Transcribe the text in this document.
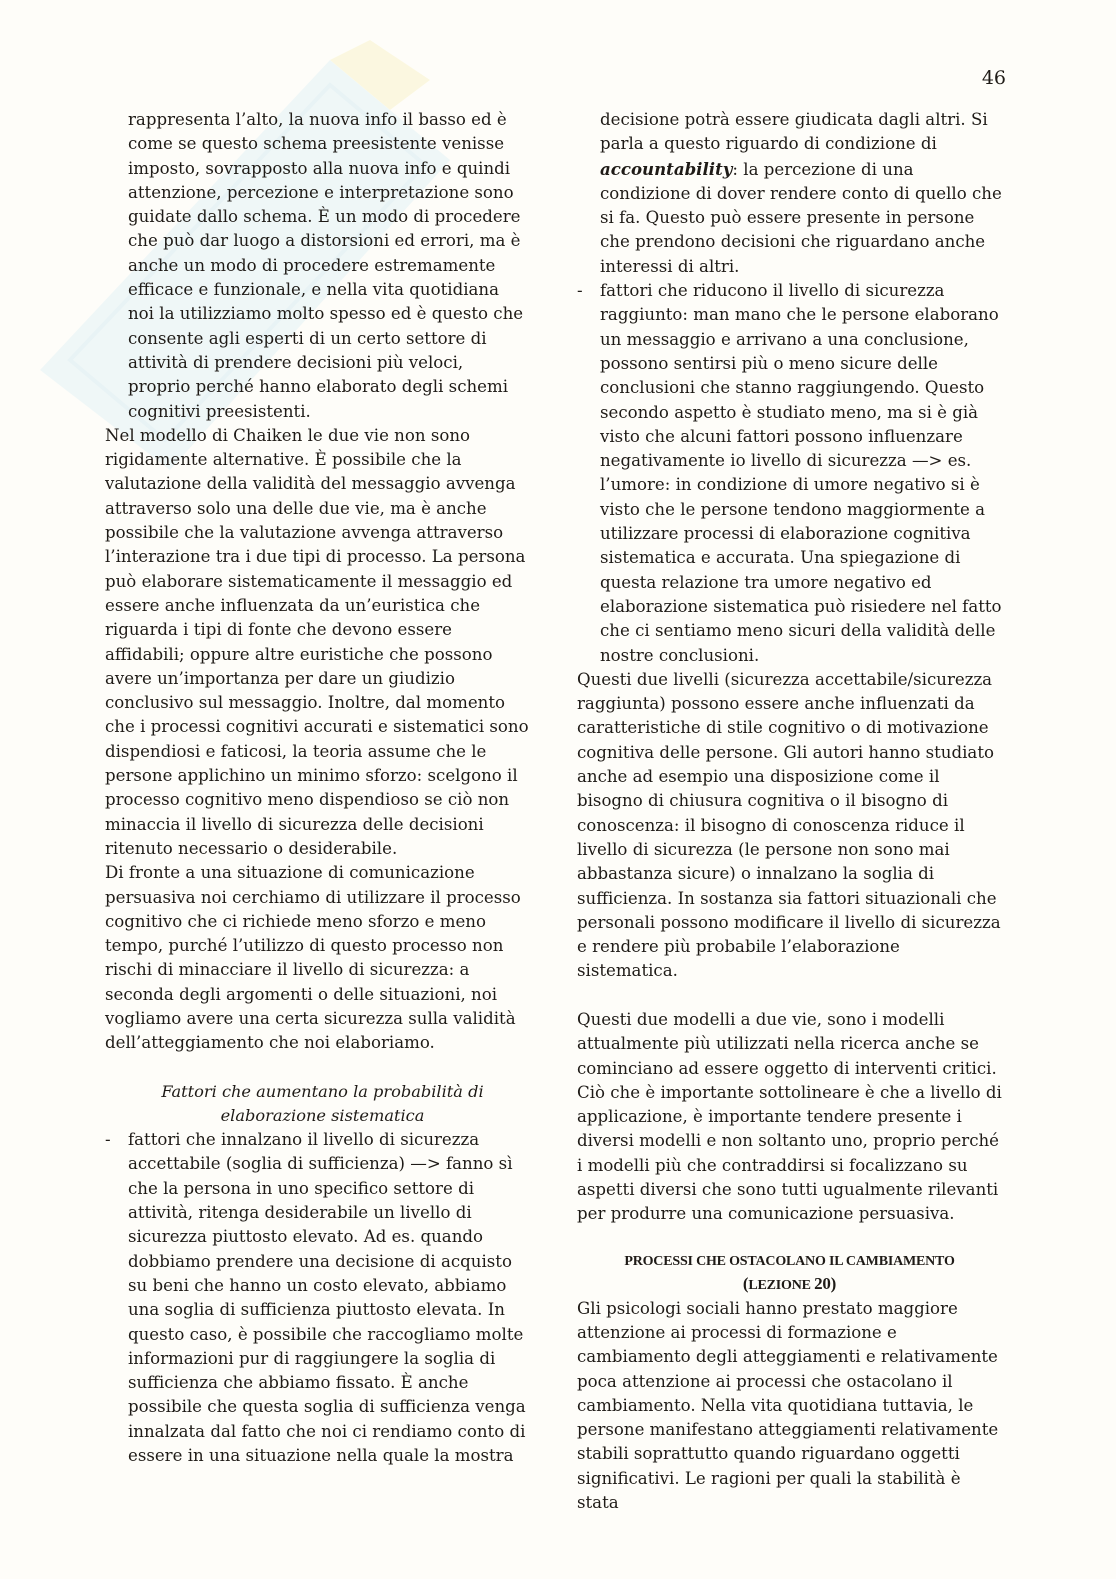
46

rappresenta l’alto, la nuova info il basso ed è come se questo schema preesistente venisse imposto, sovrapposto alla nuova info e quindi attenzione, percezione e interpretazione sono guidate dallo schema. È un modo di procedere che può dar luogo a distorsioni ed errori, ma è anche un modo di procedere estremamente efficace e funzionale, e nella vita quotidiana noi la utilizziamo molto spesso ed è questo che consente agli esperti di un certo settore di attività di prendere decisioni più veloci, proprio perché hanno elaborato degli schemi cognitivi preesistenti.

Nel modello di Chaiken le due vie non sono rigidamente alternative. È possibile che la valutazione della validità del messaggio avvenga attraverso solo una delle due vie, ma è anche possibile che la valutazione avvenga attraverso l’interazione tra i due tipi di processo. La persona può elaborare sistematicamente il messaggio ed essere anche influenzata da un’euristica che riguarda i tipi di fonte che devono essere affidabili; oppure altre euristiche che possono avere un’importanza per dare un giudizio conclusivo sul messaggio. Inoltre, dal momento che i processi cognitivi accurati e sistematici sono dispendiosi e faticosi, la teoria assume che le persone applichino un minimo sforzo: scelgono il processo cognitivo meno dispendioso se ciò non minaccia il livello di sicurezza delle decisioni ritenuto necessario o desiderabile.

Di fronte a una situazione di comunicazione persuasiva noi cerchiamo di utilizzare il processo cognitivo che ci richiede meno sforzo e meno tempo, purché l’utilizzo di questo processo non rischi di minacciare il livello di sicurezza: a seconda degli argomenti o delle situazioni, noi vogliamo avere una certa sicurezza sulla validità dell’atteggiamento che noi elaboriamo.

Fattori che aumentano la probabilità di elaborazione sistematica

- fattori che innalzano il livello di sicurezza accettabile (soglia di sufficienza) —> fanno sì che la persona in uno specifico settore di attività, ritenga desiderabile un livello di sicurezza piuttosto elevato. Ad es. quando dobbiamo prendere una decisione di acquisto su beni che hanno un costo elevato, abbiamo una soglia di sufficienza piuttosto elevata. In questo caso, è possibile che raccogliamo molte informazioni pur di raggiungere la soglia di sufficienza che abbiamo fissato. È anche possibile che questa soglia di sufficienza venga innalzata dal fatto che noi ci rendiamo conto di essere in una situazione nella quale la mostra

decisione potrà essere giudicata dagli altri. Si parla a questo riguardo di condizione di accountability: la percezione di una condizione di dover rendere conto di quello che si fa. Questo può essere presente in persone che prendono decisioni che riguardano anche interessi di altri.

- fattori che riducono il livello di sicurezza raggiunto: man mano che le persone elaborano un messaggio e arrivano a una conclusione, possono sentirsi più o meno sicure delle conclusioni che stanno raggiungendo. Questo secondo aspetto è studiato meno, ma si è già visto che alcuni fattori possono influenzare negativamente io livello di sicurezza —> es. l’umore: in condizione di umore negativo si è visto che le persone tendono maggiormente a utilizzare processi di elaborazione cognitiva sistematica e accurata. Una spiegazione di questa relazione tra umore negativo ed elaborazione sistematica può risiedere nel fatto che ci sentiamo meno sicuri della validità delle nostre conclusioni.

Questi due livelli (sicurezza accettabile/sicurezza raggiunta) possono essere anche influenzati da caratteristiche di stile cognitivo o di motivazione cognitiva delle persone. Gli autori hanno studiato anche ad esempio una disposizione come il bisogno di chiusura cognitiva o il bisogno di conoscenza: il bisogno di conoscenza riduce il livello di sicurezza (le persone non sono mai abbastanza sicure) o innalzano la soglia di sufficienza. In sostanza sia fattori situazionali che personali possono modificare il livello di sicurezza e rendere più probabile l’elaborazione sistematica.

Questi due modelli a due vie, sono i modelli attualmente più utilizzati nella ricerca anche se cominciano ad essere oggetto di interventi critici. Ciò che è importante sottolineare è che a livello di applicazione, è importante tendere presente i diversi modelli e non soltanto uno, proprio perché i modelli più che contraddirsi si focalizzano su aspetti diversi che sono tutti ugualmente rilevanti per produrre una comunicazione persuasiva.

PROCESSI CHE OSTACOLANO IL CAMBIAMENTO
(LEZIONE 20)

Gli psicologi sociali hanno prestato maggiore attenzione ai processi di formazione e cambiamento degli atteggiamenti e relativamente poca attenzione ai processi che ostacolano il cambiamento. Nella vita quotidiana tuttavia, le persone manifestano atteggiamenti relativamente stabili soprattutto quando riguardano oggetti significativi. Le ragioni per quali la stabilità è stata
